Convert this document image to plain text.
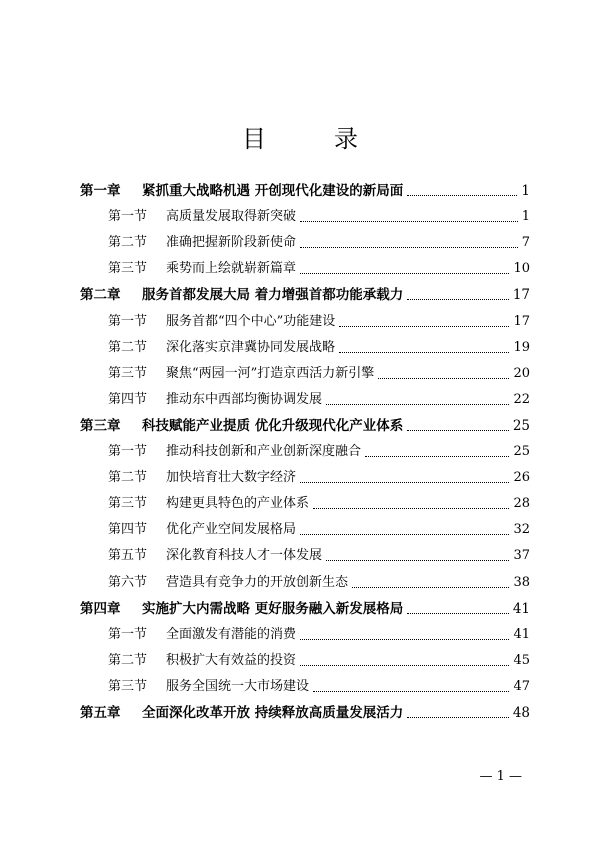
目　录
第一章	紧抓重大战略机遇 开创现代化建设的新局面	1
第一节	高质量发展取得新突破	1
第二节	准确把握新阶段新使命	7
第三节	乘势而上绘就崭新篇章	10
第二章	服务首都发展大局 着力增强首都功能承载力	17
第一节	服务首都“四个中心”功能建设	17
第二节	深化落实京津冀协同发展战略	19
第三节	聚焦“两园一河”打造京西活力新引擎	20
第四节	推动东中西部均衡协调发展	22
第三章	科技赋能产业提质 优化升级现代化产业体系	25
第一节	推动科技创新和产业创新深度融合	25
第二节	加快培育壮大数字经济	26
第三节	构建更具特色的产业体系	28
第四节	优化产业空间发展格局	32
第五节	深化教育科技人才一体发展	37
第六节	营造具有竞争力的开放创新生态	38
第四章	实施扩大内需战略 更好服务融入新发展格局	41
第一节	全面激发有潜能的消费	41
第二节	积极扩大有效益的投资	45
第三节	服务全国统一大市场建设	47
第五章	全面深化改革开放 持续释放高质量发展活力	48
— 1 —
